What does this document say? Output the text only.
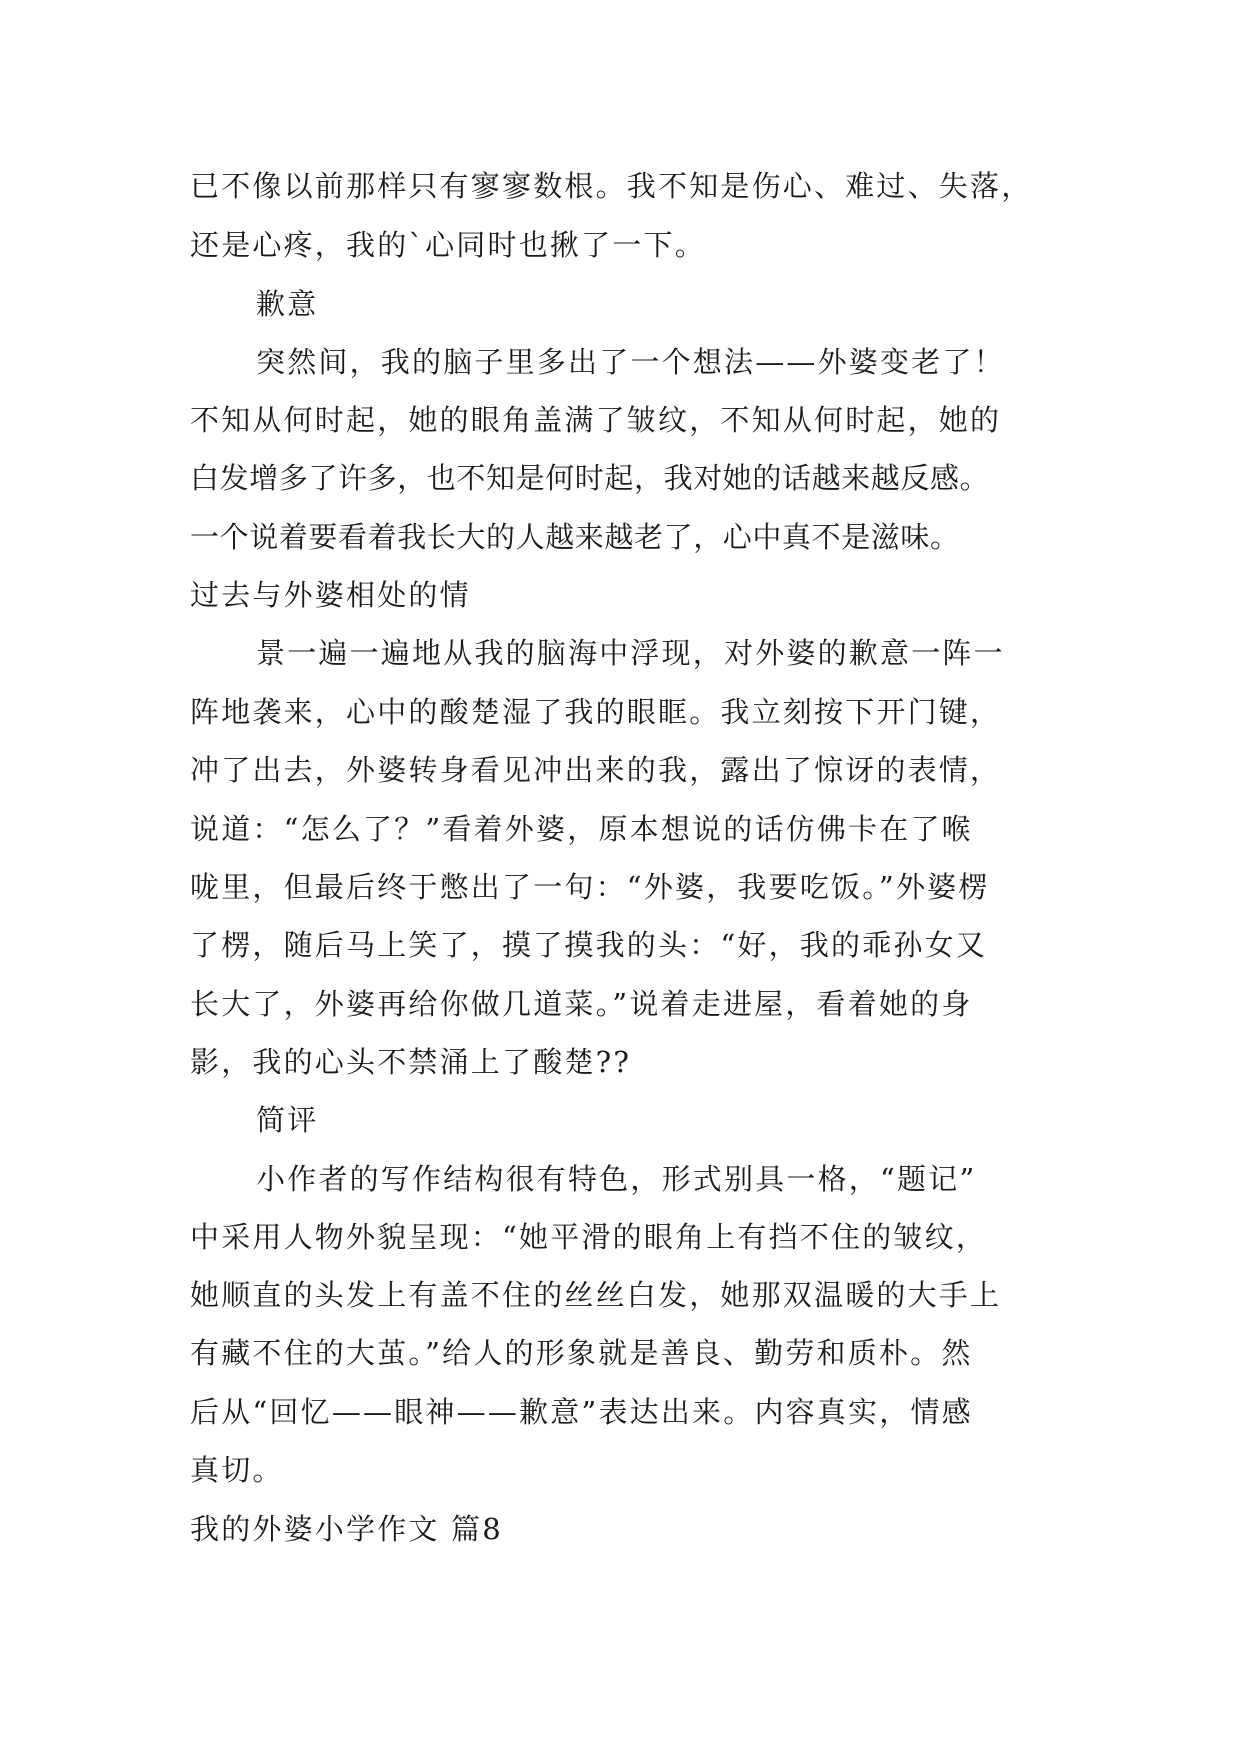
已不像以前那样只有寥寥数根。我不知是伤心、难过、失落，
还是心疼，我的`心同时也揪了一下。
歉意
突然间，我的脑子里多出了一个想法——外婆变老了！
不知从何时起，她的眼角盖满了皱纹，不知从何时起，她的
白发增多了许多，也不知是何时起，我对她的话越来越反感。
一个说着要看着我长大的人越来越老了，心中真不是滋味。
过去与外婆相处的情
景一遍一遍地从我的脑海中浮现，对外婆的歉意一阵一
阵地袭来，心中的酸楚湿了我的眼眶。我立刻按下开门键，
冲了出去，外婆转身看见冲出来的我，露出了惊讶的表情，
说道：“怎么了？”看着外婆，原本想说的话仿佛卡在了喉
咙里，但最后终于憋出了一句：“外婆，我要吃饭。”外婆楞
了楞，随后马上笑了，摸了摸我的头：“好，我的乖孙女又
长大了，外婆再给你做几道菜。”说着走进屋，看着她的身
影，我的心头不禁涌上了酸楚??
简评
小作者的写作结构很有特色，形式别具一格，“题记”
中采用人物外貌呈现：“她平滑的眼角上有挡不住的皱纹，
她顺直的头发上有盖不住的丝丝白发，她那双温暖的大手上
有藏不住的大茧。”给人的形象就是善良、勤劳和质朴。然
后从“回忆——眼神——歉意”表达出来。内容真实，情感
真切。
我的外婆小学作文 篇8
